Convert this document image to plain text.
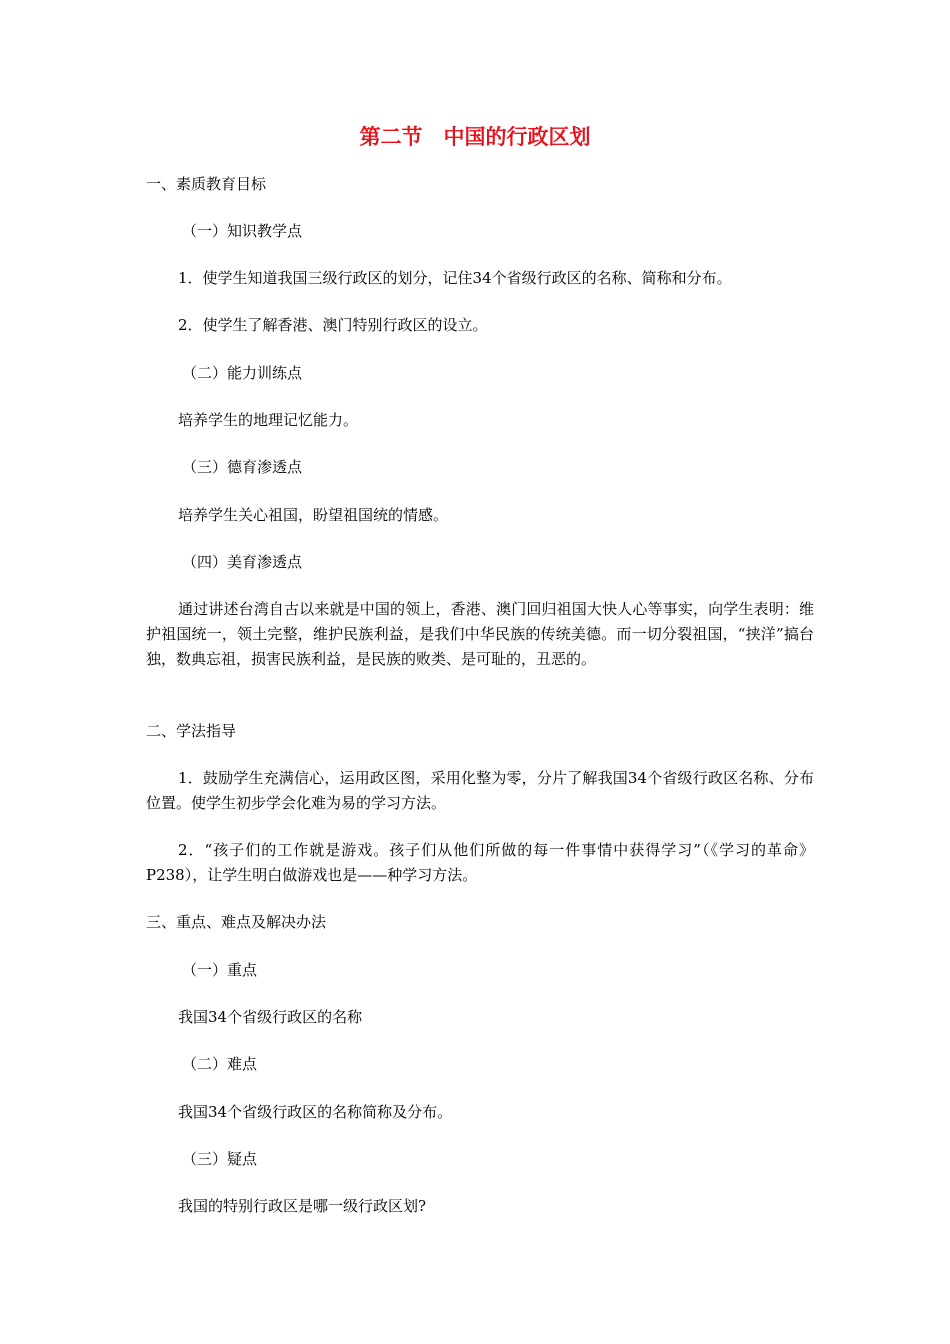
第二节　中国的行政区划
一、素质教育目标
（一）知识教学点
1．使学生知道我国三级行政区的划分，记住34个省级行政区的名称、简称和分布。
2．使学生了解香港、澳门特别行政区的设立。
（二）能力训练点
培养学生的地理记忆能力。
（三）德育渗透点
培养学生关心祖国，盼望祖国统的情感。
（四）美育渗透点
通过讲述台湾自古以来就是中国的领上，香港、澳门回归祖国大快人心等事实，向学生表明：维护祖国统一，领土完整，维护民族利益，是我们中华民族的传统美德。而一切分裂祖国，“挟洋”搞台独，数典忘祖，损害民族利益，是民族的败类、是可耻的，丑恶的。
二、学法指导
1．鼓励学生充满信心，运用政区图，采用化整为零，分片了解我国34个省级行政区名称、分布位置。使学生初步学会化难为易的学习方法。
2．“孩子们的工作就是游戏。孩子们从他们所做的每一件事情中获得学习”（《学习的革命》P238），让学生明白做游戏也是——种学习方法。
三、重点、难点及解决办法
（一）重点
我国34个省级行政区的名称
（二）难点
我国34个省级行政区的名称简称及分布。
（三）疑点
我国的特别行政区是哪一级行政区划?
